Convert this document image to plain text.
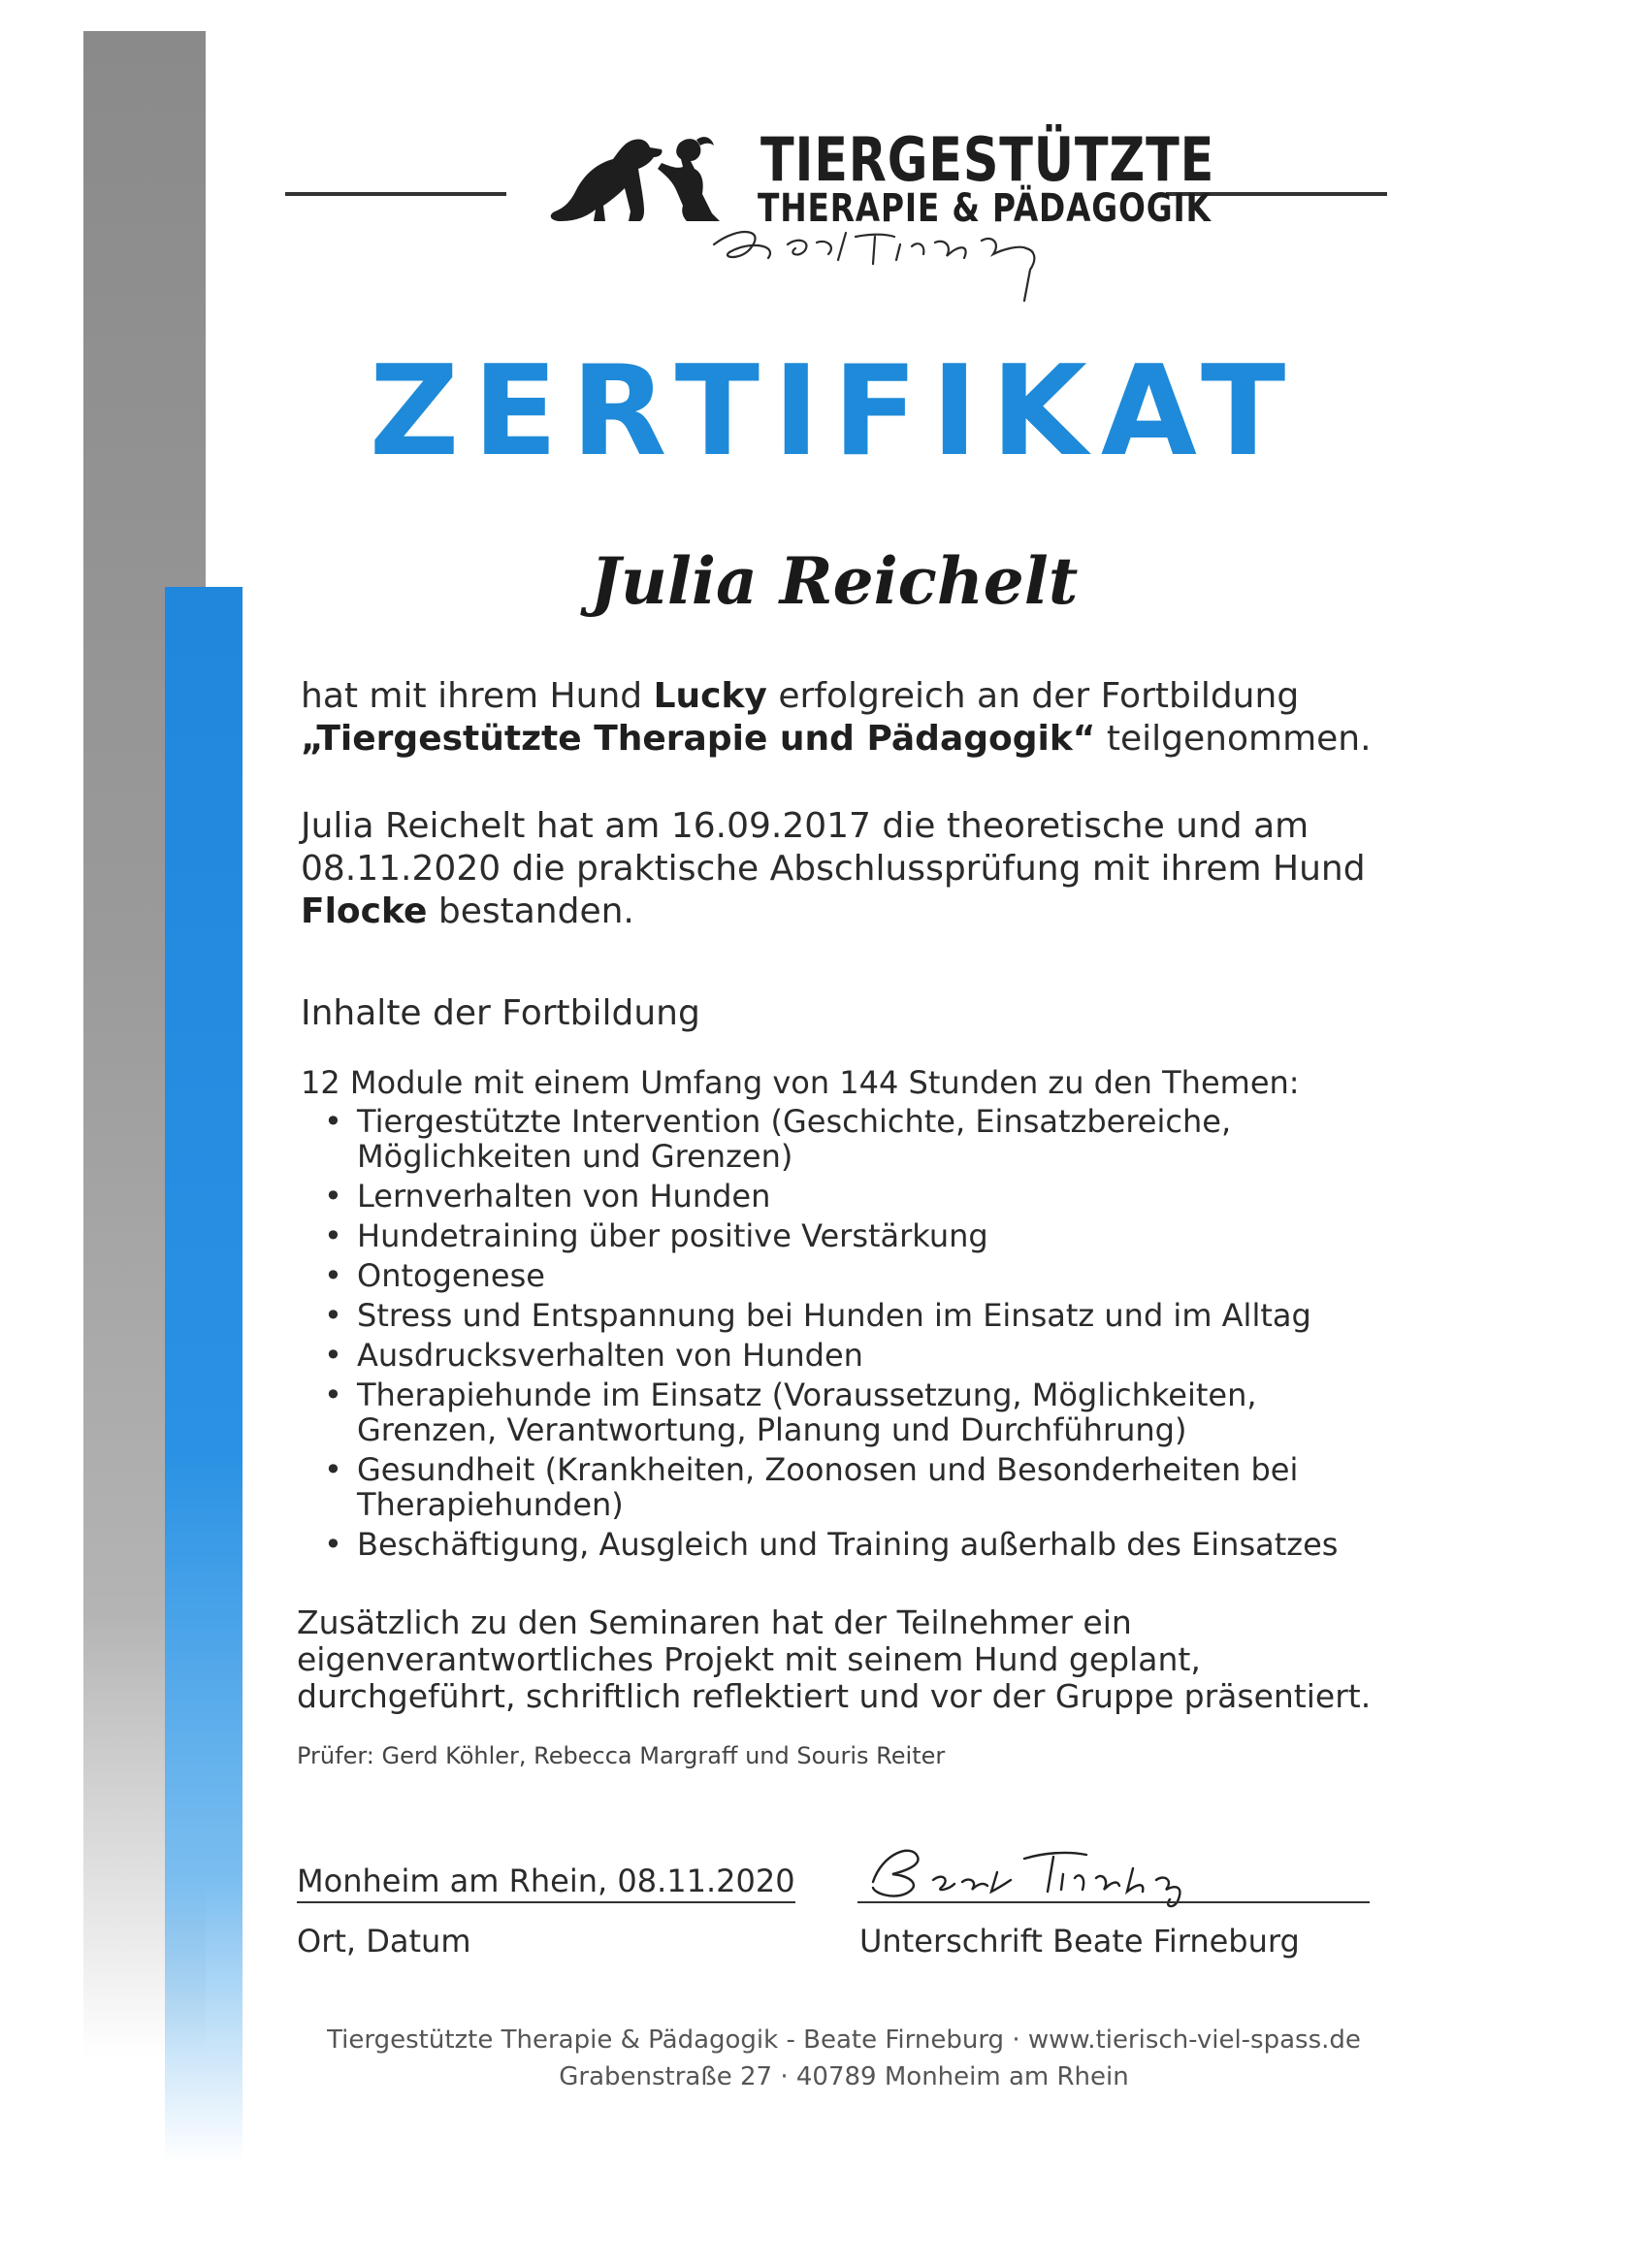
TIERGESTÜTZTE
THERAPIE & PÄDAGOGIK
ZERTIFIKAT
Julia Reichelt
hat mit ihrem Hund Lucky erfolgreich an der Fortbildung
„Tiergestützte Therapie und Pädagogik“ teilgenommen.
Julia Reichelt hat am 16.09.2017 die theoretische und am 08.11.2020 die praktische Abschlussprüfung mit ihrem Hund Flocke bestanden.
Inhalte der Fortbildung
12 Module mit einem Umfang von 144 Stunden zu den Themen:
• Tiergestützte Intervention (Geschichte, Einsatzbereiche, Möglichkeiten und Grenzen)
• Lernverhalten von Hunden
• Hundetraining über positive Verstärkung
• Ontogenese
• Stress und Entspannung bei Hunden im Einsatz und im Alltag
• Ausdrucksverhalten von Hunden
• Therapiehunde im Einsatz (Voraussetzung, Möglichkeiten, Grenzen, Verantwortung, Planung und Durchführung)
• Gesundheit (Krankheiten, Zoonosen und Besonderheiten bei Therapiehunden)
• Beschäftigung, Ausgleich und Training außerhalb des Einsatzes
Zusätzlich zu den Seminaren hat der Teilnehmer ein eigenverantwortliches Projekt mit seinem Hund geplant, durchgeführt, schriftlich reflektiert und vor der Gruppe präsentiert.
Prüfer: Gerd Köhler, Rebecca Margraff und Souris Reiter
Monheim am Rhein, 08.11.2020
Ort, Datum	Unterschrift Beate Firneburg
Tiergestützte Therapie & Pädagogik - Beate Firneburg · www.tierisch-viel-spass.de
Grabenstraße 27 · 40789 Monheim am Rhein
